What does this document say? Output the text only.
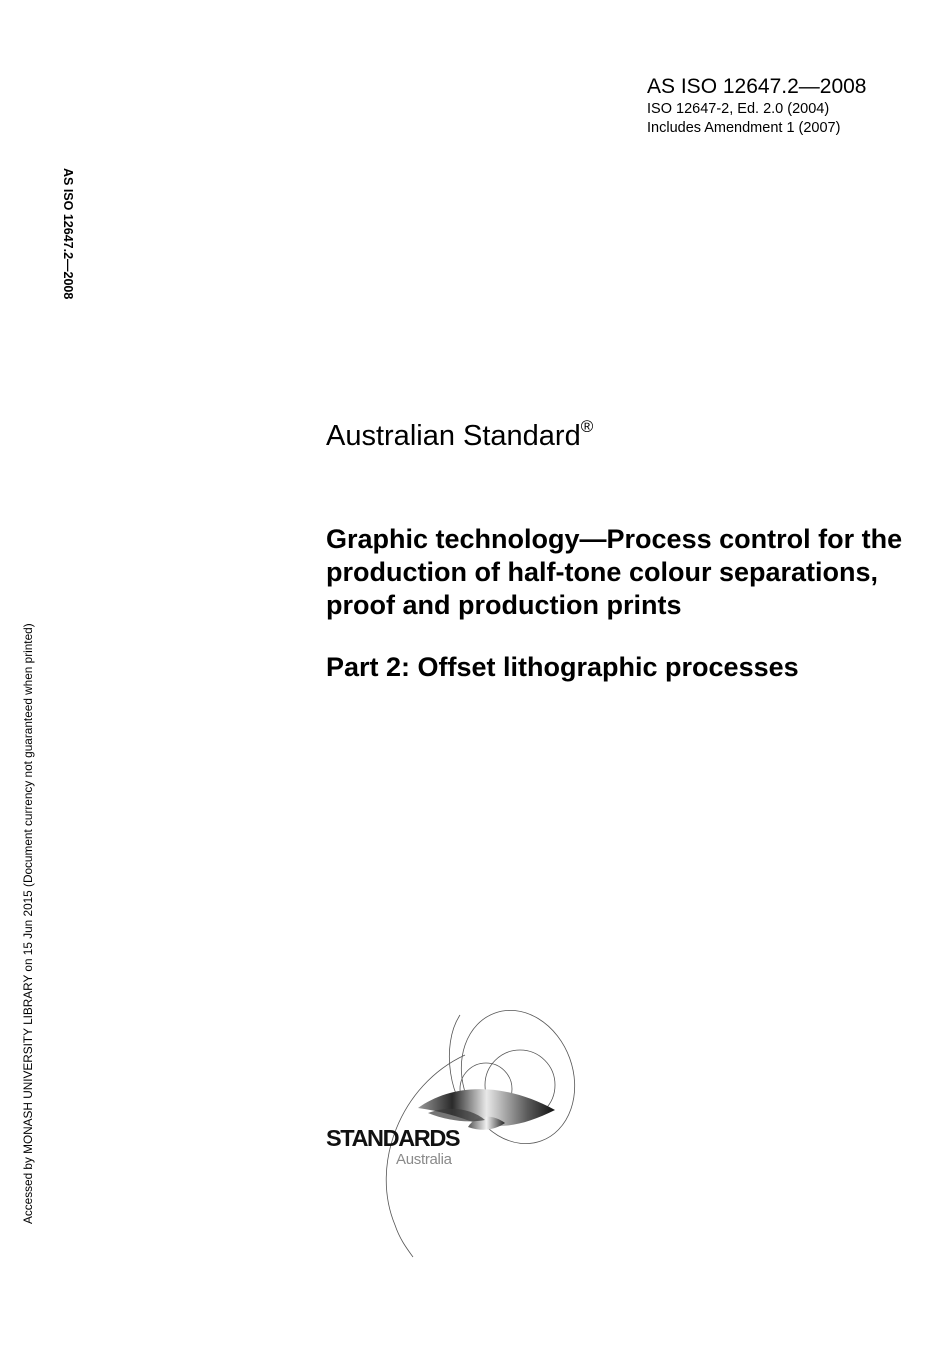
AS ISO 12647.2—2008
ISO 12647-2, Ed. 2.0 (2004)
Includes Amendment 1 (2007)
AS ISO 12647.2—2008
Accessed by MONASH UNIVERSITY LIBRARY on 15 Jun 2015 (Document currency not guaranteed when printed)
Australian Standard®
Graphic technology—Process control for the production of half-tone colour separations, proof and production prints
Part 2: Offset lithographic processes
STANDARDS
Australia
